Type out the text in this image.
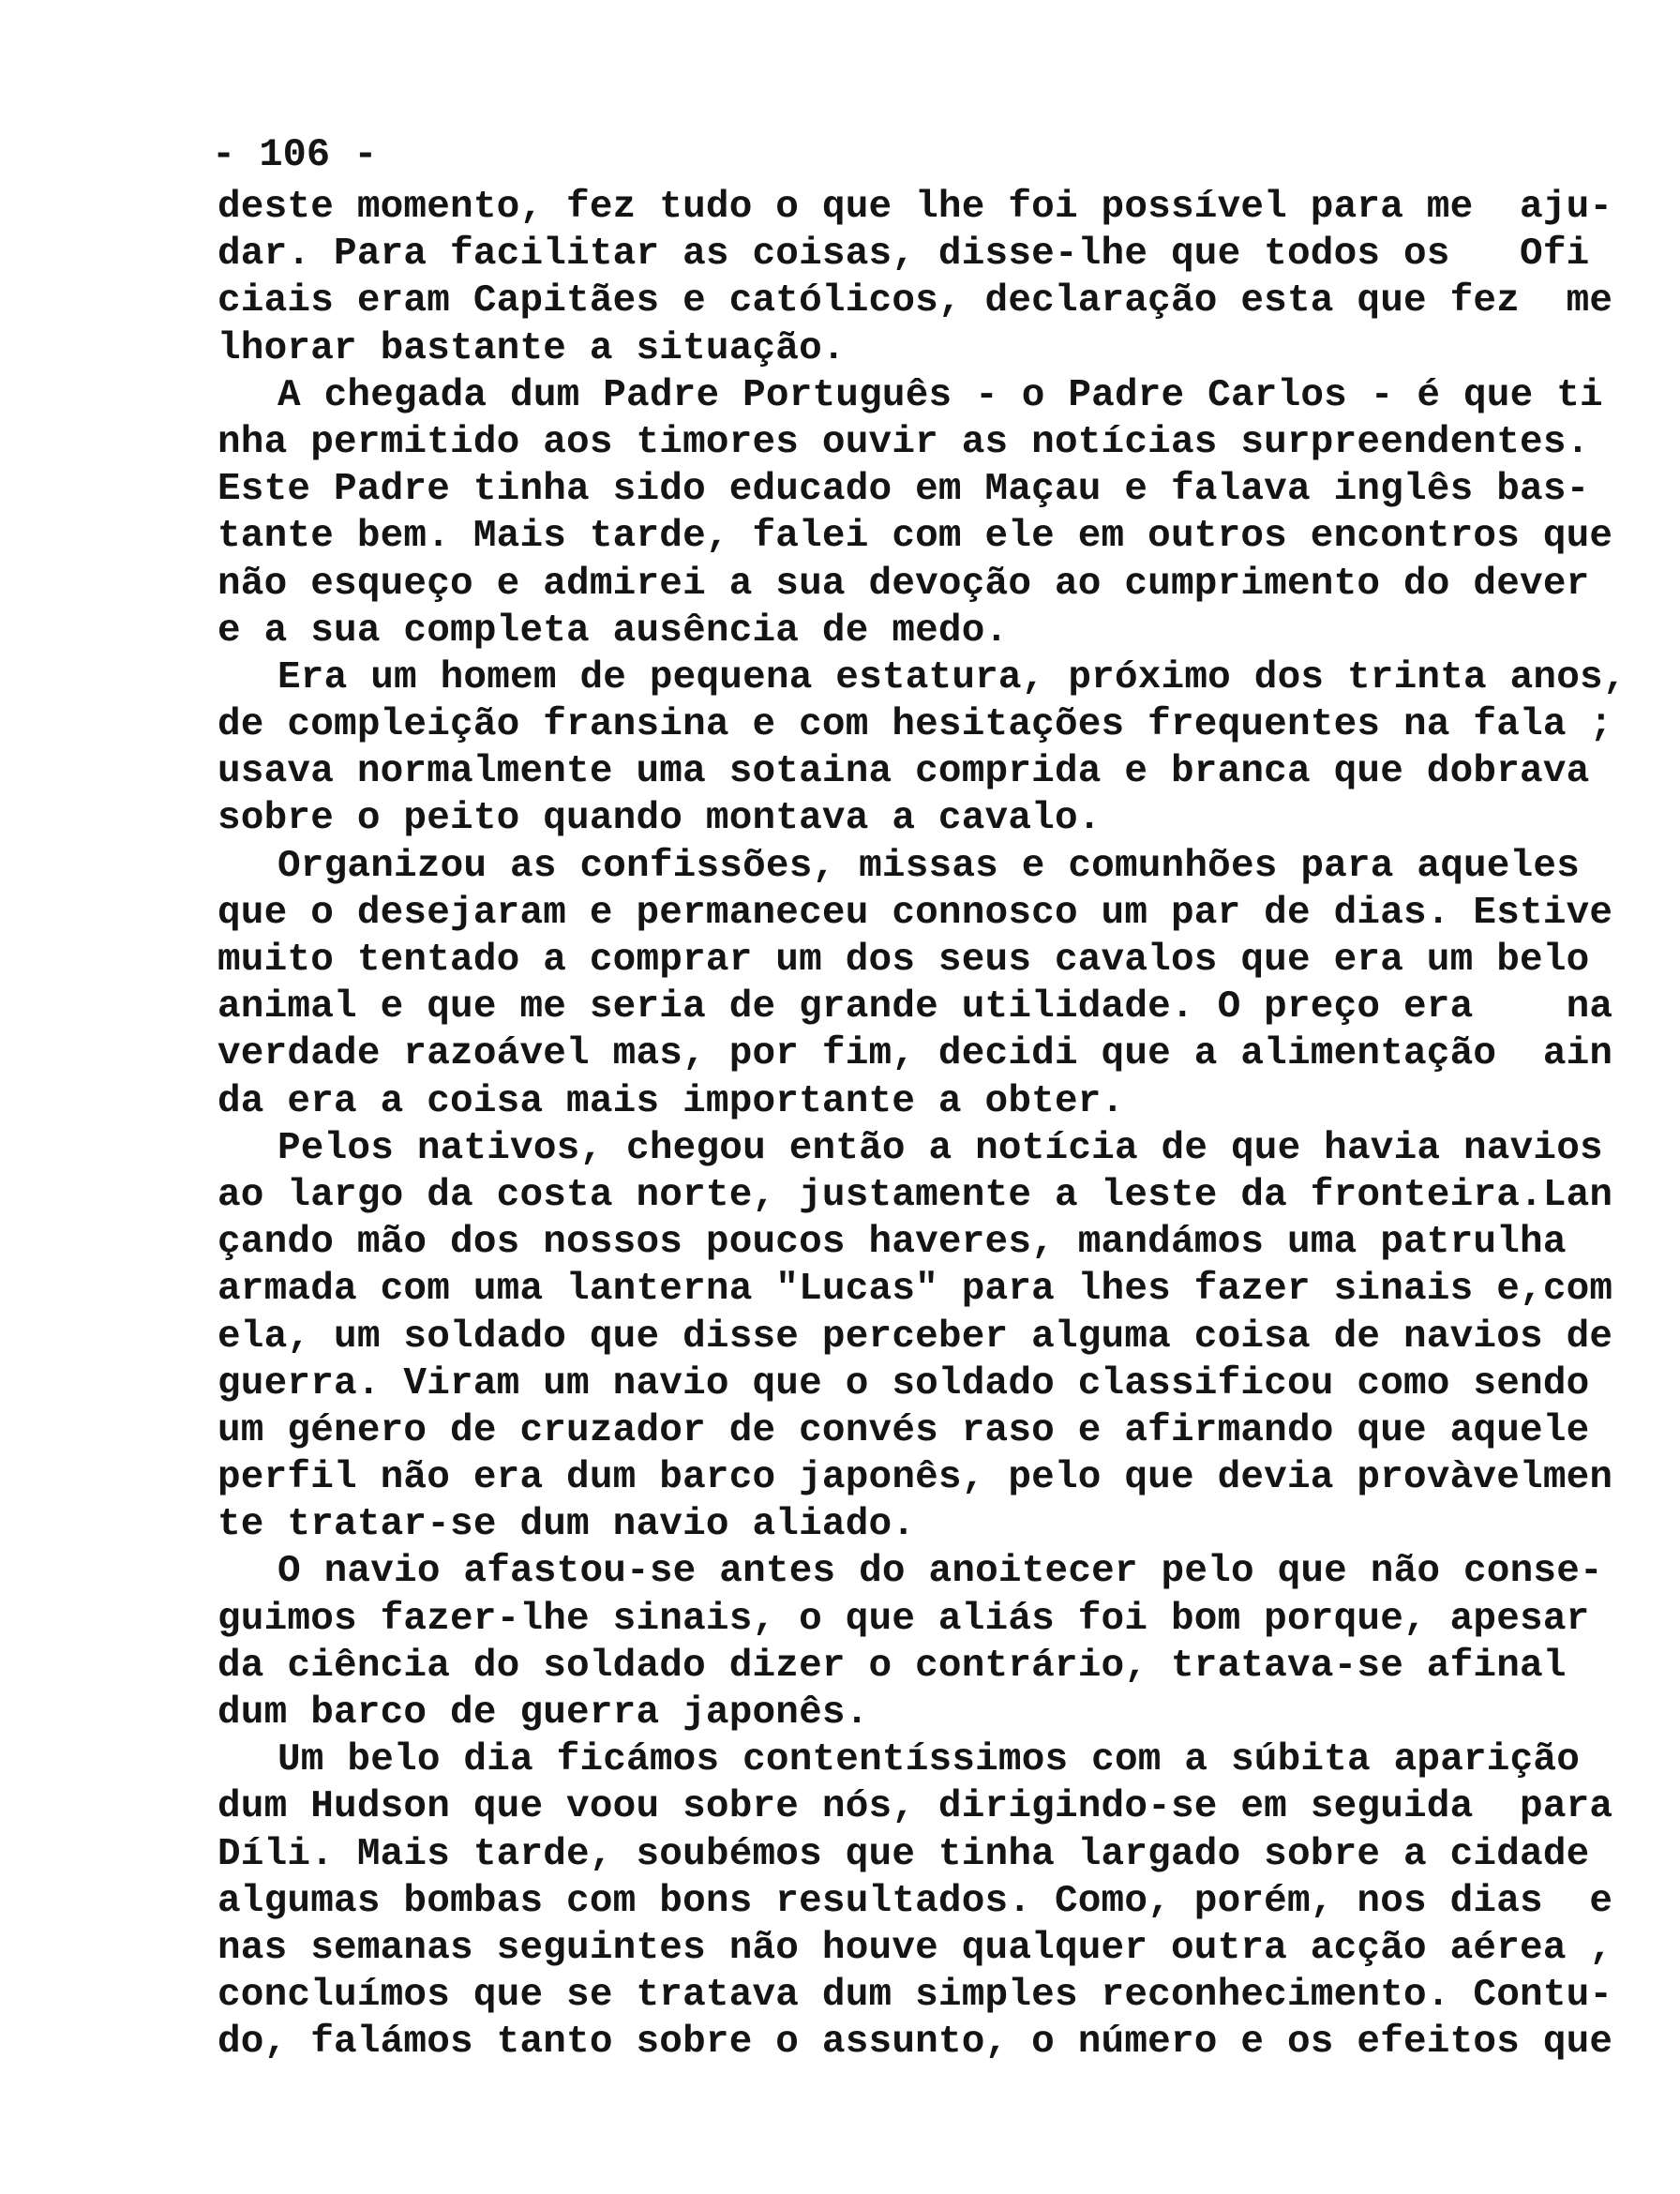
- 106 -
deste momento, fez tudo o que lhe foi possível para me  aju-
dar. Para facilitar as coisas, disse-lhe que todos os   Ofi
ciais eram Capitães e católicos, declaração esta que fez  me
lhorar bastante a situação.
A chegada dum Padre Português - o Padre Carlos - é que ti
nha permitido aos timores ouvir as notícias surpreendentes.
Este Padre tinha sido educado em Maçau e falava inglês bas-
tante bem. Mais tarde, falei com ele em outros encontros que
não esqueço e admirei a sua devoção ao cumprimento do dever
e a sua completa ausência de medo.
Era um homem de pequena estatura, próximo dos trinta anos,
de compleição fransina e com hesitações frequentes na fala ;
usava normalmente uma sotaina comprida e branca que dobrava
sobre o peito quando montava a cavalo.
Organizou as confissões, missas e comunhões para aqueles
que o desejaram e permaneceu connosco um par de dias. Estive
muito tentado a comprar um dos seus cavalos que era um belo
animal e que me seria de grande utilidade. O preço era    na
verdade razoável mas, por fim, decidi que a alimentação  ain
da era a coisa mais importante a obter.
Pelos nativos, chegou então a notícia de que havia navios
ao largo da costa norte, justamente a leste da fronteira.Lan
çando mão dos nossos poucos haveres, mandámos uma patrulha
armada com uma lanterna "Lucas" para lhes fazer sinais e,com
ela, um soldado que disse perceber alguma coisa de navios de
guerra. Viram um navio que o soldado classificou como sendo
um género de cruzador de convés raso e afirmando que aquele
perfil não era dum barco japonês, pelo que devia provàvelmen
te tratar-se dum navio aliado.
O navio afastou-se antes do anoitecer pelo que não conse-
guimos fazer-lhe sinais, o que aliás foi bom porque, apesar
da ciência do soldado dizer o contrário, tratava-se afinal
dum barco de guerra japonês.
Um belo dia ficámos contentíssimos com a súbita aparição
dum Hudson que voou sobre nós, dirigindo-se em seguida  para
Díli. Mais tarde, soubémos que tinha largado sobre a cidade
algumas bombas com bons resultados. Como, porém, nos dias  e
nas semanas seguintes não houve qualquer outra acção aérea ,
concluímos que se tratava dum simples reconhecimento. Contu-
do, falámos tanto sobre o assunto, o número e os efeitos que
